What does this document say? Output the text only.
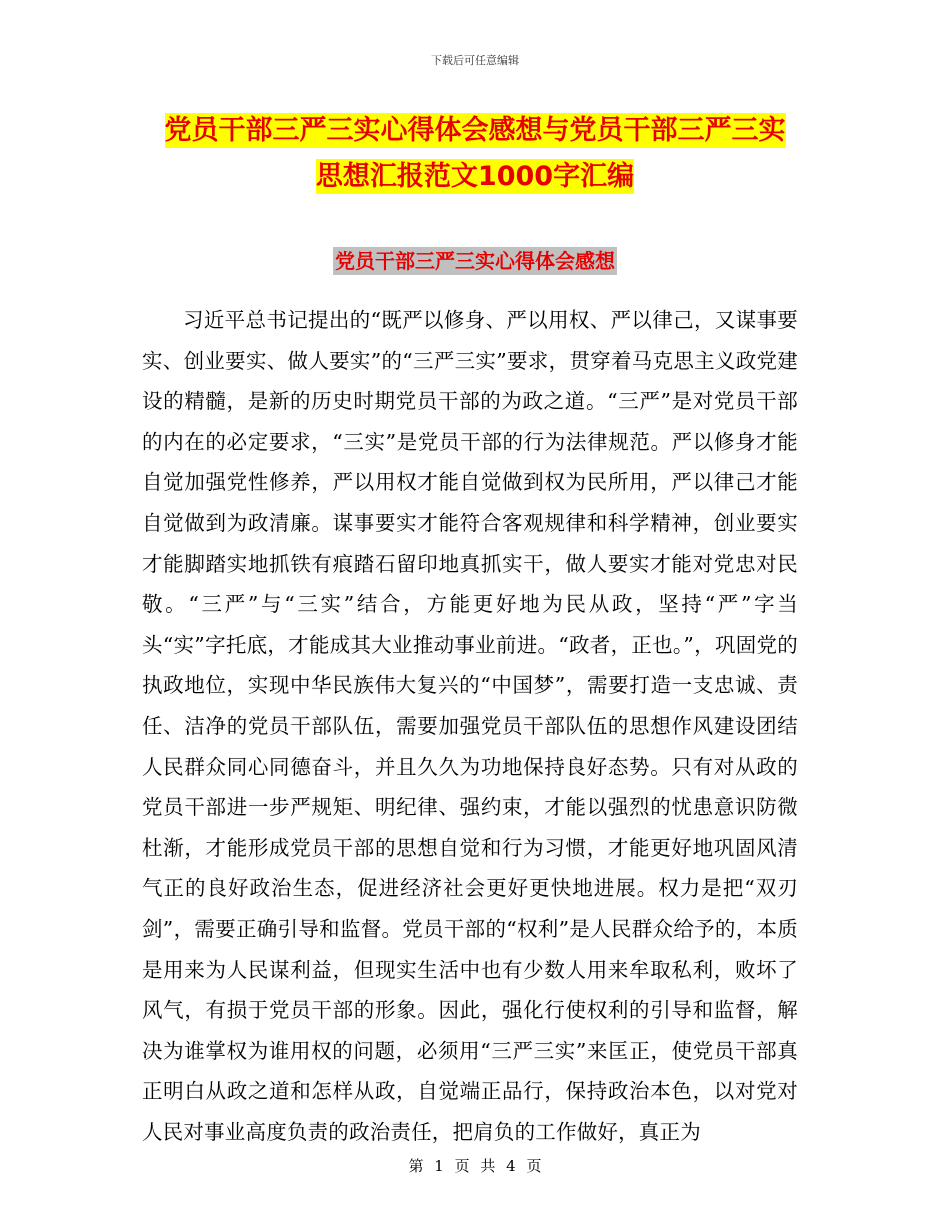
下载后可任意编辑
党员干部三严三实心得体会感想与党员干部三严三实
思想汇报范文1000字汇编
党员干部三严三实心得体会感想

习近平总书记提出的“既严以修身、严以用权、严以律己，又谋事要实、创业要实、做人要实”的“三严三实”要求，贯穿着马克思主义政党建设的精髓，是新的历史时期党员干部的为政之道。“三严”是对党员干部的内在的必定要求，“三实”是党员干部的行为法律规范。严以修身才能自觉加强党性修养，严以用权才能自觉做到权为民所用，严以律己才能自觉做到为政清廉。谋事要实才能符合客观规律和科学精神，创业要实才能脚踏实地抓铁有痕踏石留印地真抓实干，做人要实才能对党忠对民敬。“三严”与“三实”结合，方能更好地为民从政，坚持“严”字当头“实”字托底，才能成其大业推动事业前进。“政者，正也。”，巩固党的执政地位，实现中华民族伟大复兴的“中国梦”，需要打造一支忠诚、责任、洁净的党员干部队伍，需要加强党员干部队伍的思想作风建设团结人民群众同心同德奋斗，并且久久为功地保持良好态势。只有对从政的党员干部进一步严规矩、明纪律、强约束，才能以强烈的忧患意识防微杜渐，才能形成党员干部的思想自觉和行为习惯，才能更好地巩固风清气正的良好政治生态，促进经济社会更好更快地进展。权力是把“双刃剑”，需要正确引导和监督。党员干部的“权利”是人民群众给予的，本质是用来为人民谋利益，但现实生活中也有少数人用来牟取私利，败坏了风气，有损于党员干部的形象。因此，强化行使权利的引导和监督，解决为谁掌权为谁用权的问题，必须用“三严三实”来匡正，使党员干部真正明白从政之道和怎样从政，自觉端正品行，保持政治本色，以对党对人民对事业高度负责的政治责任，把肩负的工作做好，真正为

第 1 页 共 4 页
